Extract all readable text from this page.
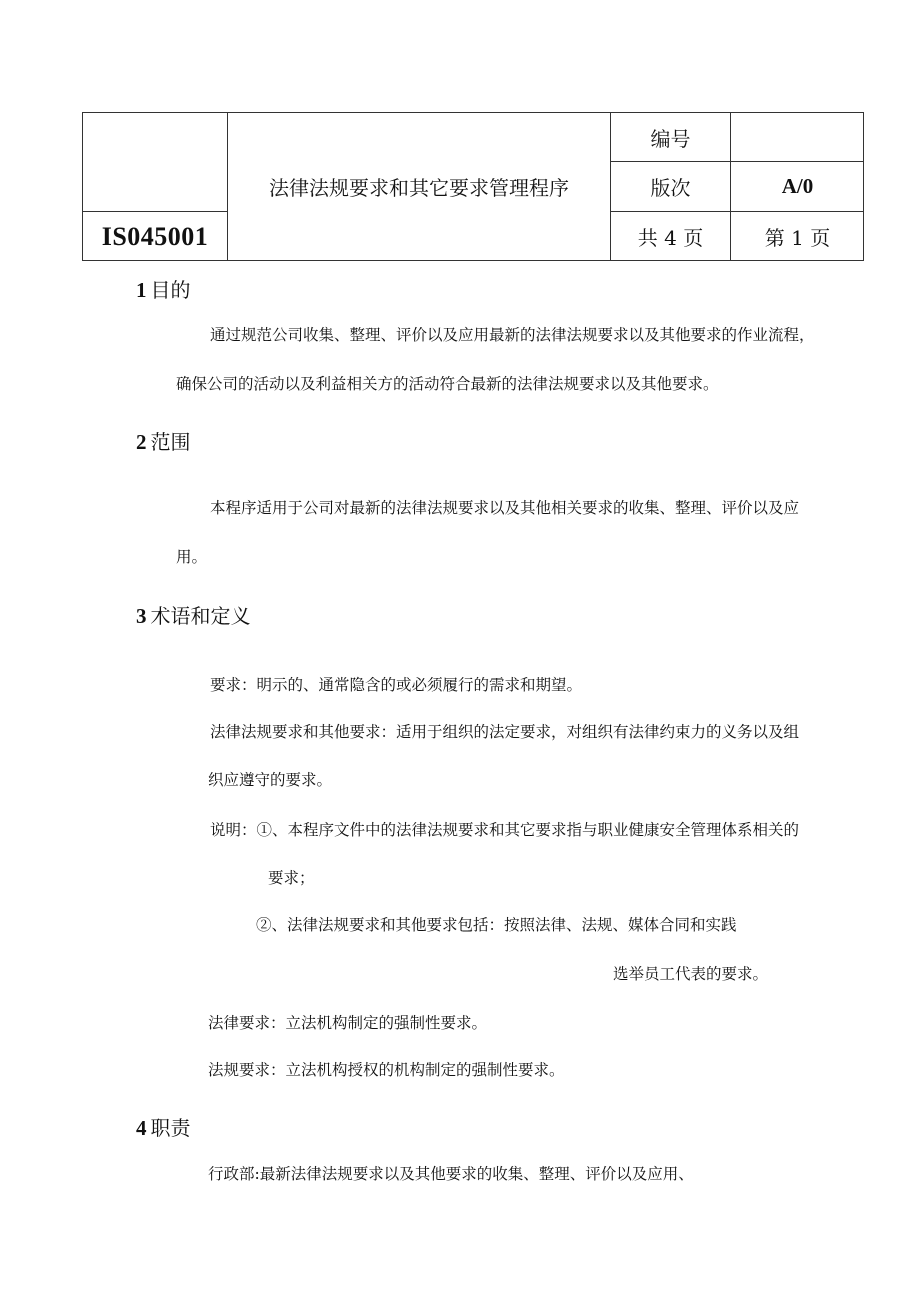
IS045001
法律法规要求和其它要求管理程序
编号
版次	A/0
共 4 页	第 1 页
1 目的
通过规范公司收集、整理、评价以及应用最新的法律法规要求以及其他要求的作业流程，
确保公司的活动以及利益相关方的活动符合最新的法律法规要求以及其他要求。
2 范围
本程序适用于公司对最新的法律法规要求以及其他相关要求的收集、整理、评价以及应
用。
3 术语和定义
要求：明示的、通常隐含的或必须履行的需求和期望。
法律法规要求和其他要求：适用于组织的法定要求，对组织有法律约束力的义务以及组
织应遵守的要求。
说明：①、本程序文件中的法律法规要求和其它要求指与职业健康安全管理体系相关的
要求；
②、法律法规要求和其他要求包括：按照法律、法规、媒体合同和实践
选举员工代表的要求。
法律要求：立法机构制定的强制性要求。
法规要求：立法机构授权的机构制定的强制性要求。
4 职责
行政部:最新法律法规要求以及其他要求的收集、整理、评价以及应用、
